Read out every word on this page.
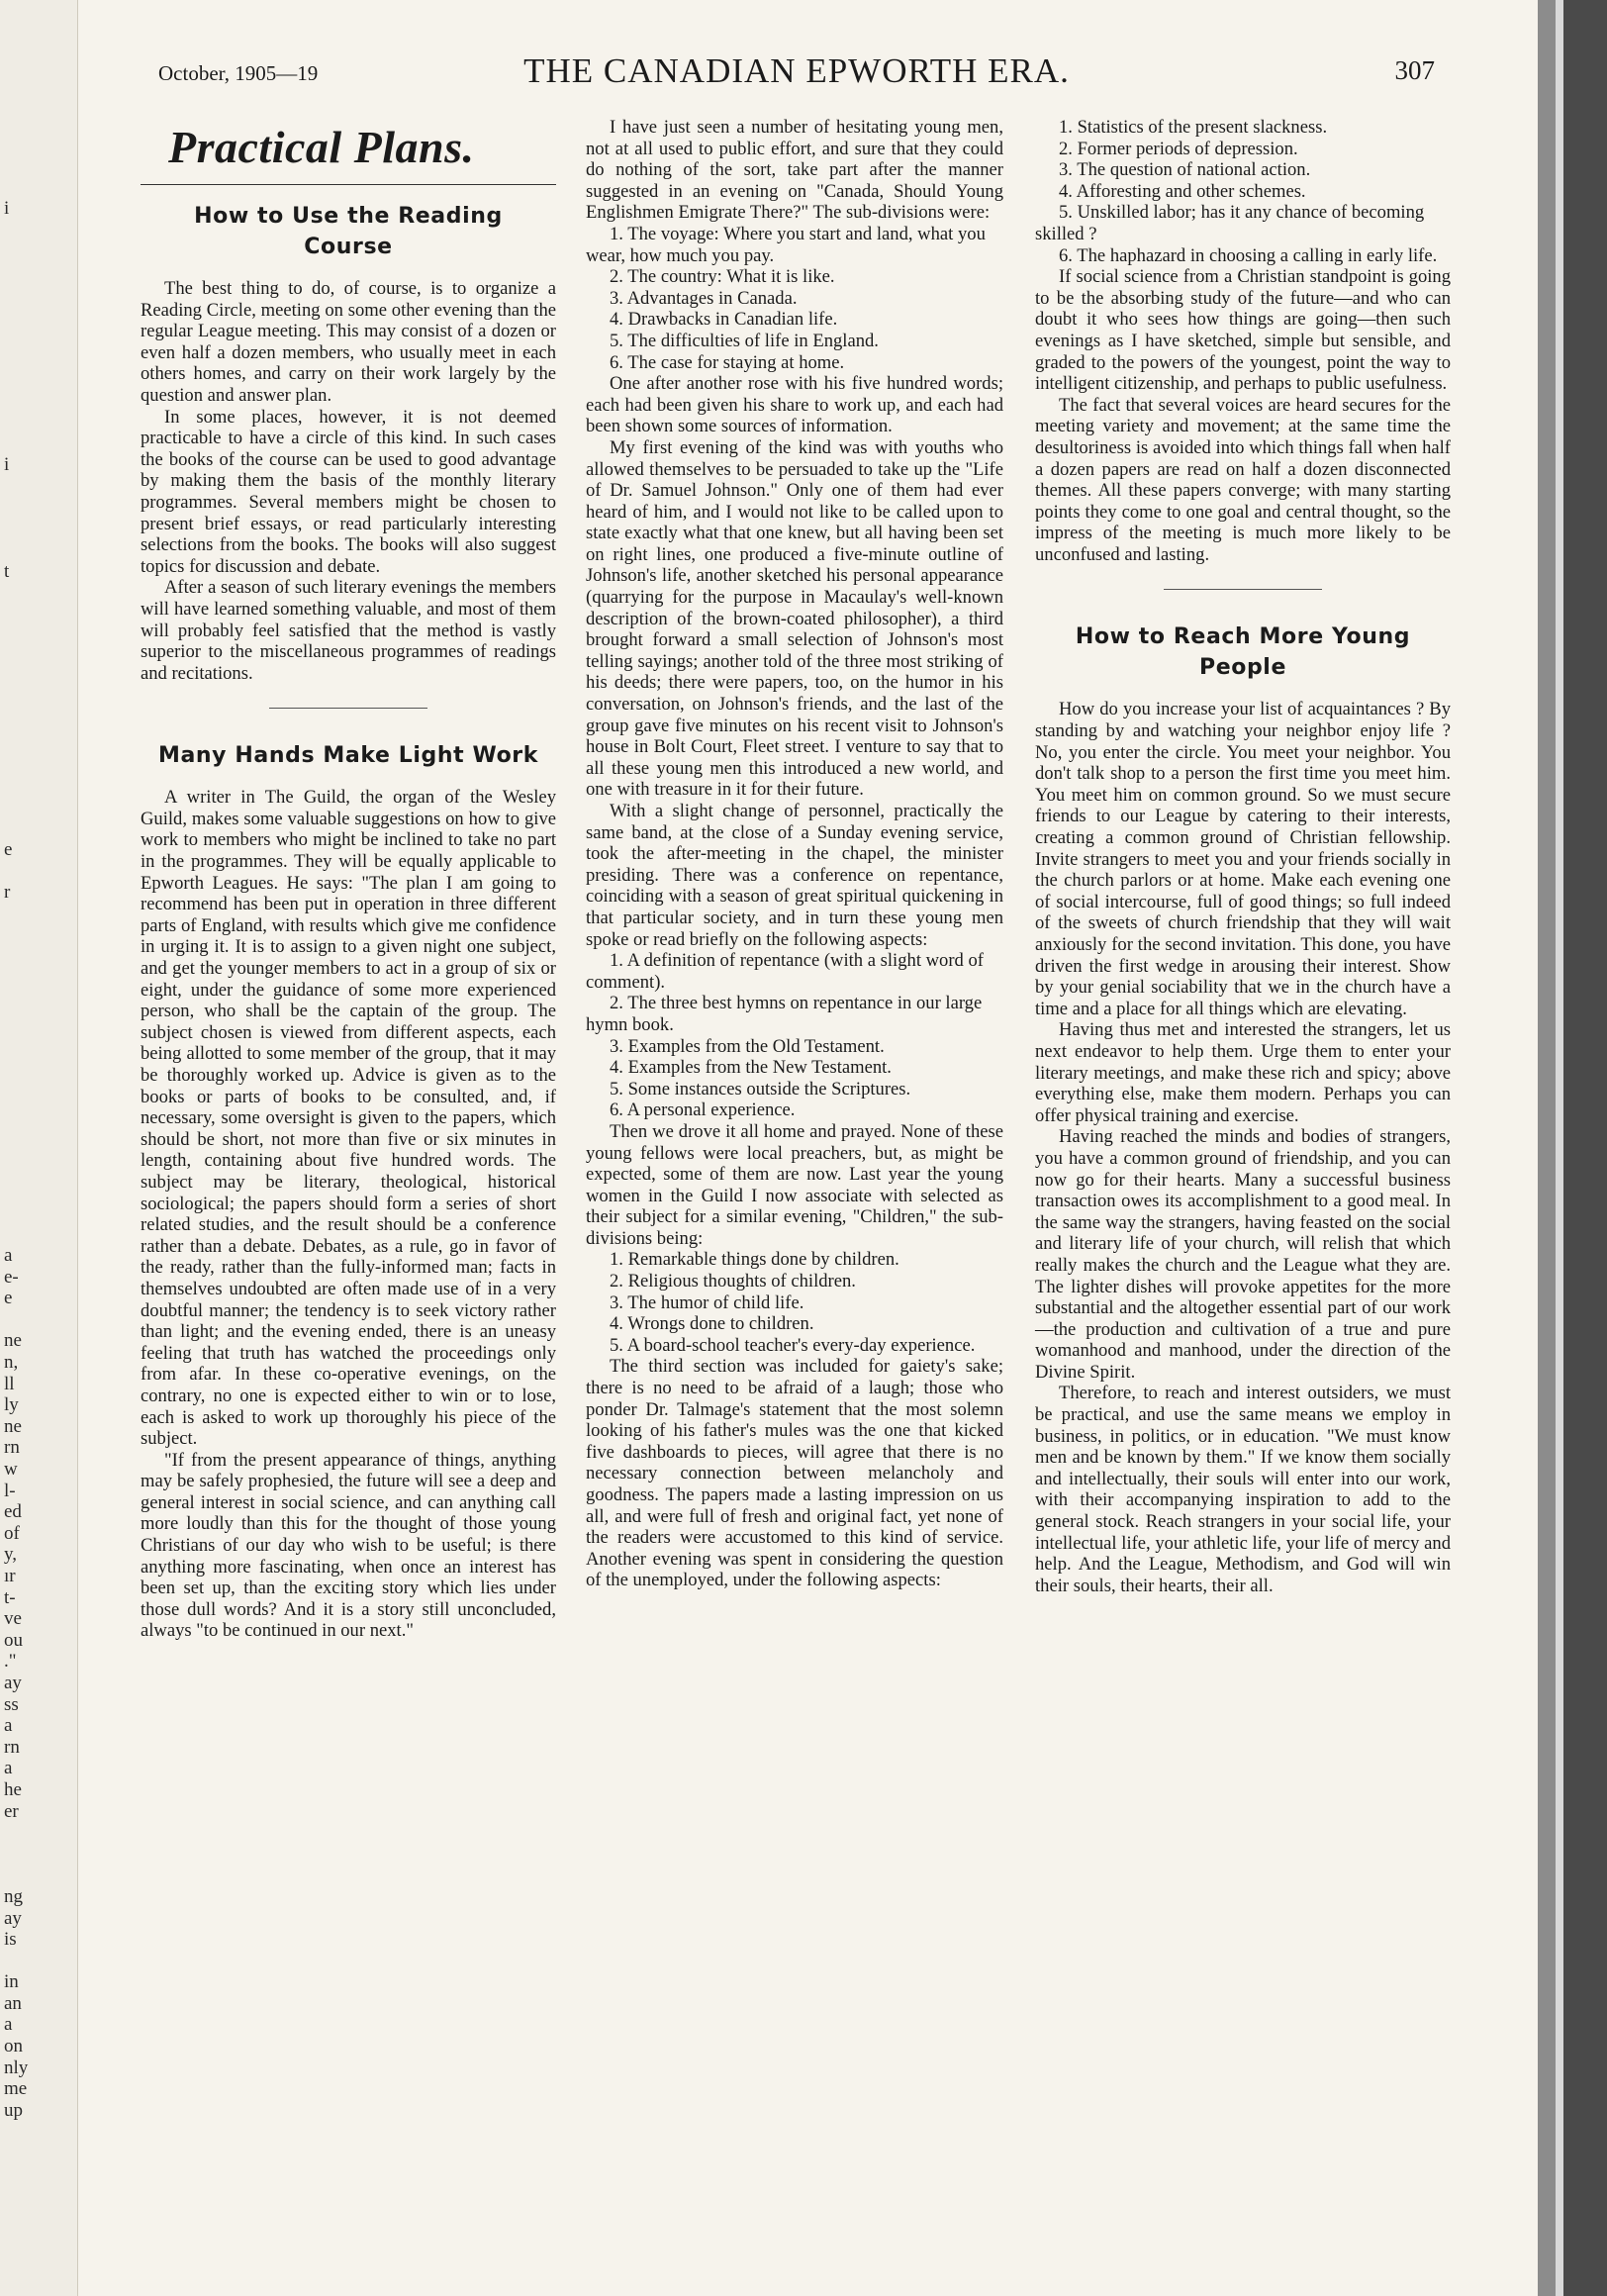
i
i
t
e
r
a
e-
e
ne
n,
ll
ly
ne
rn
w
l-
ed
of
y,
ır
t-
ve
ou
."
ay
ss
a
rn
a
he
er
ng
ay
is
in
an
a
on
nly
me
up
October, 1905—19	THE CANADIAN EPWORTH ERA.	307
Practical Plans.
How to Use the Reading Course

The best thing to do, of course, is to organize a Reading Circle, meeting on some other evening than the regular League meeting. This may consist of a dozen or even half a dozen members, who usually meet in each others homes, and carry on their work largely by the question and answer plan.

In some places, however, it is not deemed practicable to have a circle of this kind. In such cases the books of the course can be used to good advantage by making them the basis of the monthly literary programmes. Several members might be chosen to present brief essays, or read particularly interesting selections from the books. The books will also suggest topics for discussion and debate.

After a season of such literary evenings the members will have learned something valuable, and most of them will probably feel satisfied that the method is vastly superior to the miscellaneous programmes of readings and recitations.

Many Hands Make Light Work

A writer in The Guild, the organ of the Wesley Guild, makes some valuable suggestions on how to give work to members who might be inclined to take no part in the programmes. They will be equally applicable to Epworth Leagues. He says: "The plan I am going to recommend has been put in operation in three different parts of England, with results which give me confidence in urging it. It is to assign to a given night one subject, and get the younger members to act in a group of six or eight, under the guidance of some more experienced person, who shall be the captain of the group. The subject chosen is viewed from different aspects, each being allotted to some member of the group, that it may be thoroughly worked up. Advice is given as to the books or parts of books to be consulted, and, if necessary, some oversight is given to the papers, which should be short, not more than five or six minutes in length, containing about five hundred words. The subject may be literary, theological, historical sociological; the papers should form a series of short related studies, and the result should be a conference rather than a debate. Debates, as a rule, go in favor of the ready, rather than the fully-informed man; facts in themselves undoubted are often made use of in a very doubtful manner; the tendency is to seek victory rather than light; and the evening ended, there is an uneasy feeling that truth has watched the proceedings only from afar. In these co-operative evenings, on the contrary, no one is expected either to win or to lose, each is asked to work up thoroughly his piece of the subject.

"If from the present appearance of things, anything may be safely prophesied, the future will see a deep and general interest in social science, and can anything call more loudly than this for the thought of those young Christians of our day who wish to be useful; is there anything more fascinating, when once an interest has been set up, than the exciting story which lies under those dull words? And it is a story still unconcluded, always "to be continued in our next."

I have just seen a number of hesitating young men, not at all used to public effort, and sure that they could do nothing of the sort, take part after the manner suggested in an evening on "Canada, Should Young Englishmen Emigrate There?" The sub-divisions were:

1. The voyage: Where you start and land, what you wear, how much you pay.

2. The country: What it is like.

3. Advantages in Canada.

4. Drawbacks in Canadian life.

5. The difficulties of life in England.

6. The case for staying at home.

One after another rose with his five hundred words; each had been given his share to work up, and each had been shown some sources of information.

My first evening of the kind was with youths who allowed themselves to be persuaded to take up the "Life of Dr. Samuel Johnson." Only one of them had ever heard of him, and I would not like to be called upon to state exactly what that one knew, but all having been set on right lines, one produced a five-minute outline of Johnson's life, another sketched his personal appearance (quarrying for the purpose in Macaulay's well-known description of the brown-coated philosopher), a third brought forward a small selection of Johnson's most telling sayings; another told of the three most striking of his deeds; there were papers, too, on the humor in his conversation, on Johnson's friends, and the last of the group gave five minutes on his recent visit to Johnson's house in Bolt Court, Fleet street. I venture to say that to all these young men this introduced a new world, and one with treasure in it for their future.

With a slight change of personnel, practically the same band, at the close of a Sunday evening service, took the after-meeting in the chapel, the minister presiding. There was a conference on repentance, coinciding with a season of great spiritual quickening in that particular society, and in turn these young men spoke or read briefly on the following aspects:

1. A definition of repentance (with a slight word of comment).

2. The three best hymns on repentance in our large hymn book.

3. Examples from the Old Testament.

4. Examples from the New Testament.

5. Some instances outside the Scriptures.

6. A personal experience.

Then we drove it all home and prayed. None of these young fellows were local preachers, but, as might be expected, some of them are now. Last year the young women in the Guild I now associate with selected as their subject for a similar evening, "Children," the sub-divisions being:

1. Remarkable things done by children.

2. Religious thoughts of children.

3. The humor of child life.

4. Wrongs done to children.

5. A board-school teacher's every-day experience.

The third section was included for gaiety's sake; there is no need to be afraid of a laugh; those who ponder Dr. Talmage's statement that the most solemn looking of his father's mules was the one that kicked five dashboards to pieces, will agree that there is no necessary connection between melancholy and goodness. The papers made a lasting impression on us all, and were full of fresh and original fact, yet none of the readers were accustomed to this kind of service. Another evening was spent in considering the question of the unemployed, under the following aspects:

1. Statistics of the present slackness.

2. Former periods of depression.

3. The question of national action.

4. Afforesting and other schemes.

5. Unskilled labor; has it any chance of becoming skilled ?

6. The haphazard in choosing a calling in early life.

If social science from a Christian standpoint is going to be the absorbing study of the future—and who can doubt it who sees how things are going—then such evenings as I have sketched, simple but sensible, and graded to the powers of the youngest, point the way to intelligent citizenship, and perhaps to public usefulness.

The fact that several voices are heard secures for the meeting variety and movement; at the same time the desultoriness is avoided into which things fall when half a dozen papers are read on half a dozen disconnected themes. All these papers converge; with many starting points they come to one goal and central thought, so the impress of the meeting is much more likely to be unconfused and lasting.

How to Reach More Young People

How do you increase your list of acquaintances ? By standing by and watching your neighbor enjoy life ? No, you enter the circle. You meet your neighbor. You don't talk shop to a person the first time you meet him. You meet him on common ground. So we must secure friends to our League by catering to their interests, creating a common ground of Christian fellowship. Invite strangers to meet you and your friends socially in the church parlors or at home. Make each evening one of social intercourse, full of good things; so full indeed of the sweets of church friendship that they will wait anxiously for the second invitation. This done, you have driven the first wedge in arousing their interest. Show by your genial sociability that we in the church have a time and a place for all things which are elevating.

Having thus met and interested the strangers, let us next endeavor to help them. Urge them to enter your literary meetings, and make these rich and spicy; above everything else, make them modern. Perhaps you can offer physical training and exercise.

Having reached the minds and bodies of strangers, you have a common ground of friendship, and you can now go for their hearts. Many a successful business transaction owes its accomplishment to a good meal. In the same way the strangers, having feasted on the social and literary life of your church, will relish that which really makes the church and the League what they are. The lighter dishes will provoke appetites for the more substantial and the altogether essential part of our work—the production and cultivation of a true and pure womanhood and manhood, under the direction of the Divine Spirit.

Therefore, to reach and interest outsiders, we must be practical, and use the same means we employ in business, in politics, or in education. "We must know men and be known by them." If we know them socially and intellectually, their souls will enter into our work, with their accompanying inspiration to add to the general stock. Reach strangers in your social life, your intellectual life, your athletic life, your life of mercy and help. And the League, Methodism, and God will win their souls, their hearts, their all.
